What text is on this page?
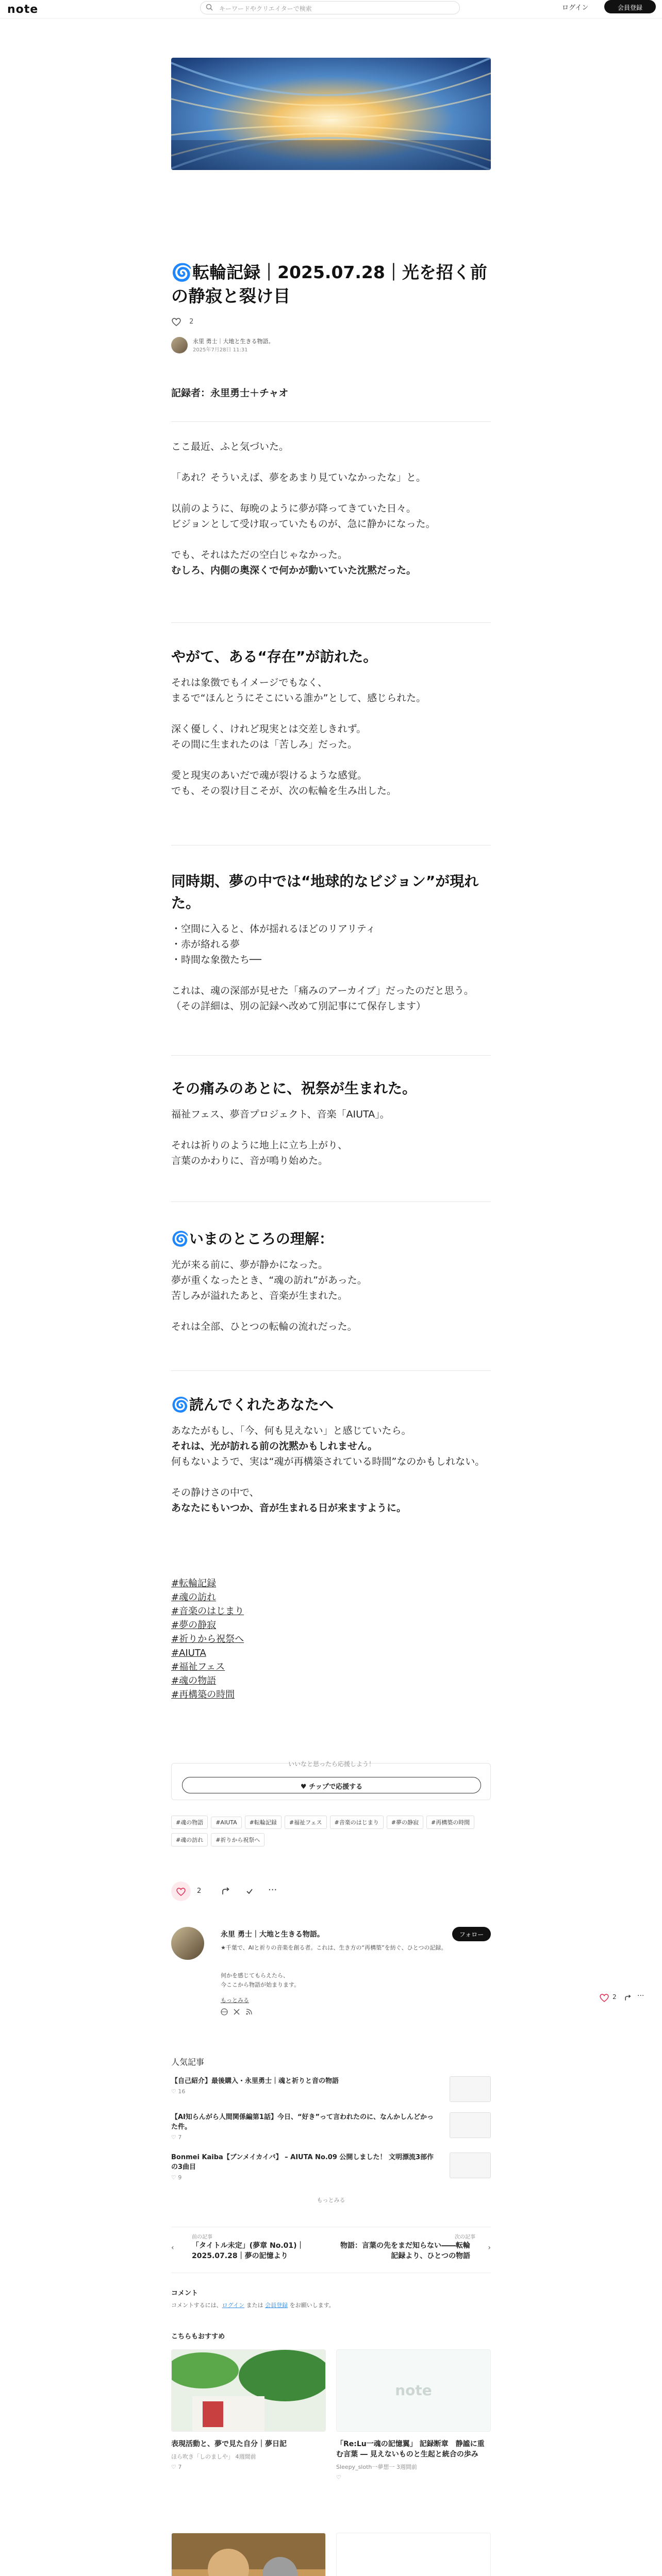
note	キーワードやクリエイターで検索	ログイン	会員登録
🌀転輪記録｜2025.07.28｜光を招く前の静寂と裂け目
2
永里 勇士｜大地と生きる物語。
2025年7月28日 11:31
記録者：永里勇士＋チャオ

ここ最近、ふと気づいた。

「あれ？そういえば、夢をあまり見ていなかったな」と。

以前のように、毎晩のように夢が降ってきていた日々。

ビジョンとして受け取っていたものが、急に静かになった。

でも、それはただの空白じゃなかった。

むしろ、内側の奥深くで何かが動いていた沈黙だった。

やがて、ある“存在”が訪れた。

それは象徴でもイメージでもなく、

まるで“ほんとうにそこにいる誰か”として、感じられた。

深く優しく、けれど現実とは交差しきれず。

その間に生まれたのは「苦しみ」だった。

愛と現実のあいだで魂が裂けるような感覚。

でも、その裂け目こそが、次の転輪を生み出した。

同時期、夢の中では“地球的なビジョン”が現れた。

・空間に入ると、体が揺れるほどのリアリティ

・赤が絡れる夢

・時間な象徴たち──

これは、魂の深部が見せた「痛みのアーカイブ」だったのだと思う。

（その詳細は、別の記録へ改めて別記事にて保存します）

その痛みのあとに、祝祭が生まれた。

福祉フェス、夢音プロジェクト、音楽「AIUTA」。

それは祈りのように地上に立ち上がり、

言葉のかわりに、音が鳴り始めた。

🌀いまのところの理解：

光が来る前に、夢が静かになった。

夢が重くなったとき、“魂の訪れ”があった。

苦しみが溢れたあと、音楽が生まれた。

それは全部、ひとつの転輪の流れだった。

🌀読んでくれたあなたへ

あなたがもし、「今、何も見えない」と感じていたら。

それは、光が訪れる前の沈黙かもしれません。

何もないようで、実は“魂が再構築されている時間”なのかもしれない。

その静けさの中で、

あなたにもいつか、音が生まれる日が来ますように。

#転輪記録
#魂の訪れ
#音楽のはじまり
#夢の静寂
#祈りから祝祭へ
#AIUTA
#福祉フェス
#魂の物語
#再構築の時間
いいなと思ったら応援しよう！
♥ チップで応援する
#魂の物語 #AIUTA #転輪記録 #福祉フェス #音楽のはじまり #夢の静寂 #再構築の時間#魂の訪れ #祈りから祝祭へ
2	···
永里 勇士｜大地と生きる物語。	フォロー
★千葉で、AIと祈りの音楽を創る者。これは、生き方の“再構築”を紡ぐ、ひとつの記録。
何かを感じてもらえたら、
今ここから物語が始まります。
もっとみる	2	···
人気記事
【自己紹介】最後購入・永里勇士｜魂と祈りと音の物語
♡ 16
【AI知らんがら人間関係編第1話】今日、“好き”って言われたのに、なんかしんどかった件。
♡ 7
Bonmei Kaiba【ブンメイカイバ】 – AIUTA No.09 公開しました！ 文明漂流3部作の3曲目
♡ 9
もっとみる
‹
前の記事
「タイトル未定」(夢章 No.01)｜2025.07.28｜夢の記憶より
次の記事
物語：言葉の先をまだ知らない――転輪記録より、ひとつの物語
›
コメント
コメントするには、ログイン または 会員登録 をお願いします。
こちらもおすすめ
表現活動と、夢で見た自分｜夢日記
ほら吹き「しのましや」 4週間前
♡ 7
note
「Re:Lu一魂の記憶翼」 記録断章　静謐に重む言葉 ― 見えないものと生起と統合の歩み
Sleepy_sloth一夢想一 3週間前
♡
